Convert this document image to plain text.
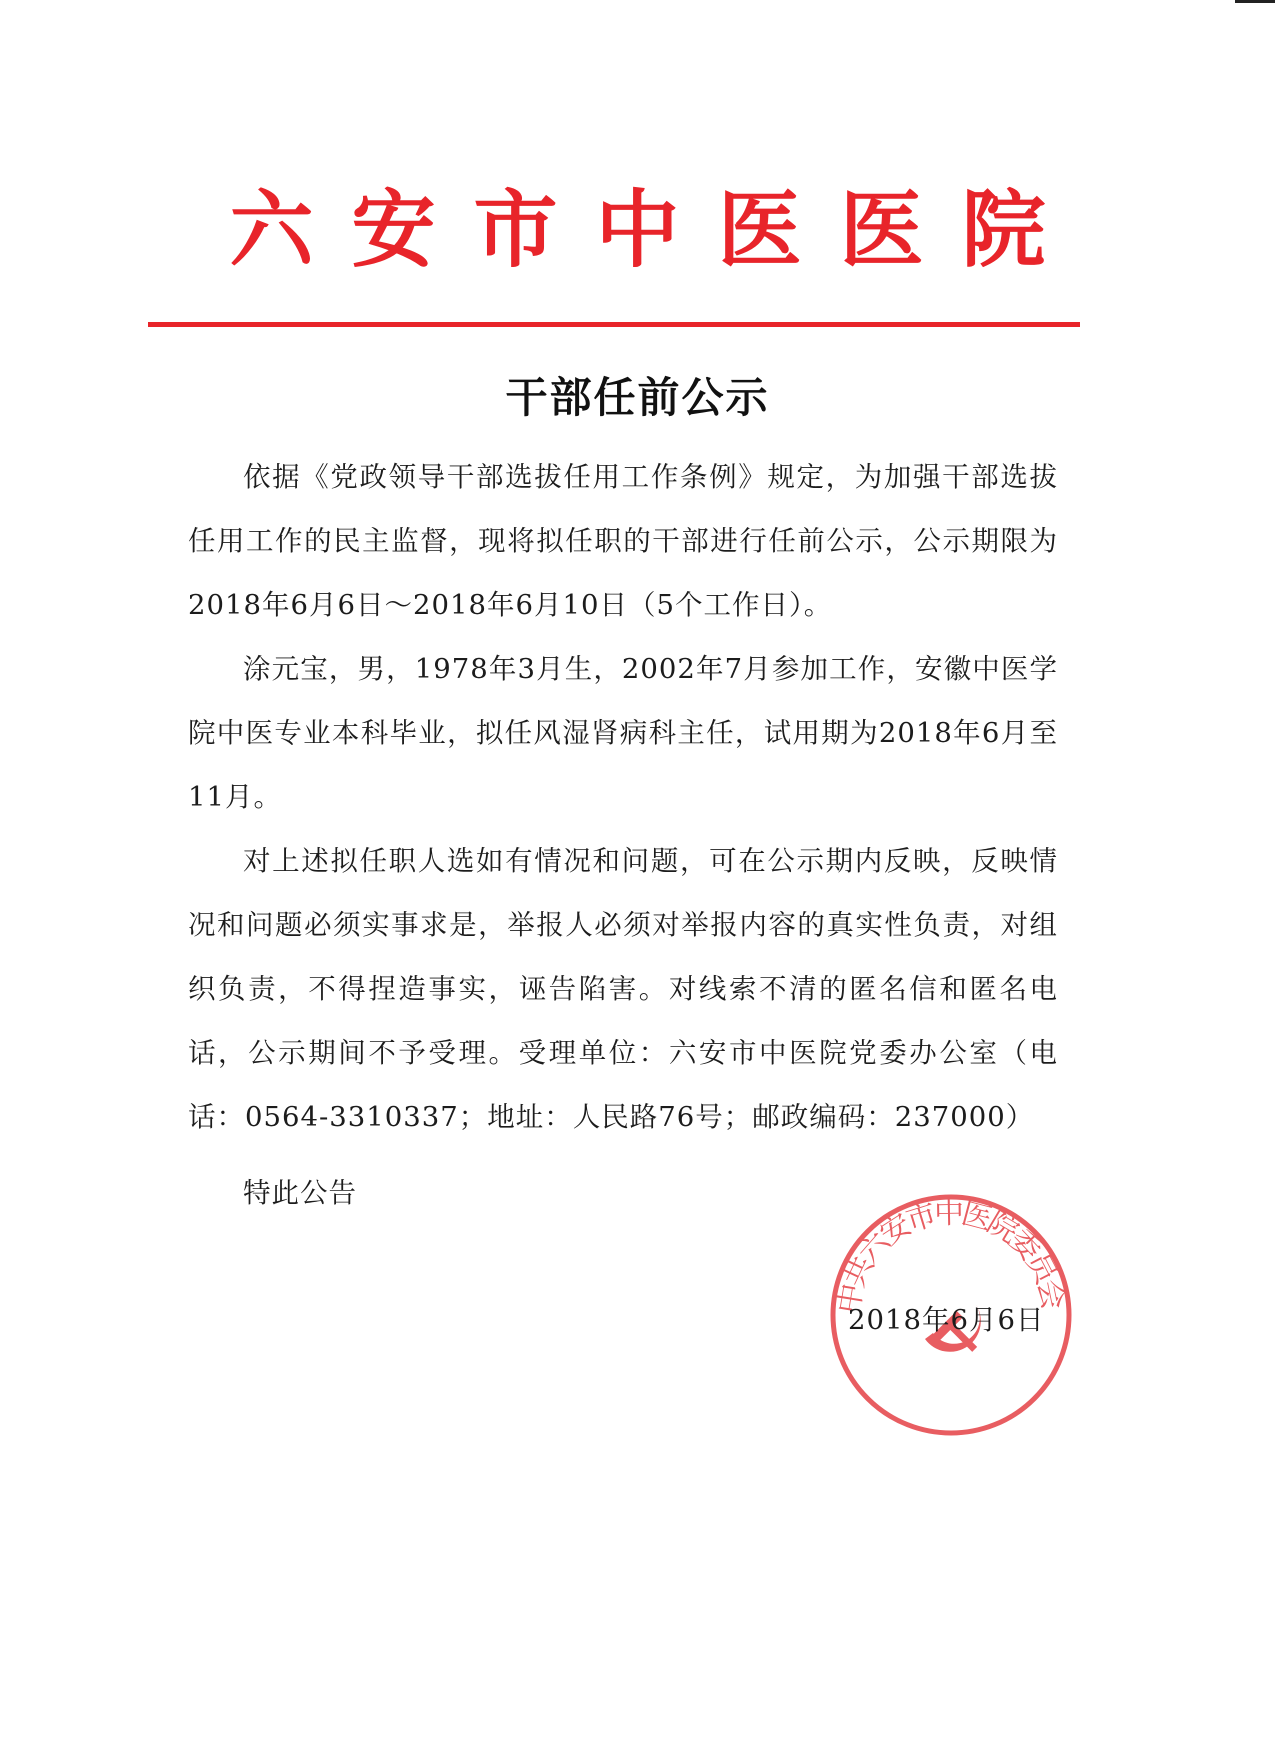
六安市中医医院
干部任前公示

依据《党政领导干部选拔任用工作条例》规定，为加强干部选拔任用工作的民主监督，现将拟任职的干部进行任前公示，公示期限为2018年6月6日～2018年6月10日（5个工作日）。

涂元宝，男，1978年3月生，2002年7月参加工作，安徽中医学院中医专业本科毕业，拟任风湿肾病科主任，试用期为2018年6月至11月。

对上述拟任职人选如有情况和问题，可在公示期内反映，反映情况和问题必须实事求是，举报人必须对举报内容的真实性负责，对组织负责，不得捏造事实，诬告陷害。对线索不清的匿名信和匿名电话，公示期间不予受理。受理单位：六安市中医院党委办公室（电话：0564-3310337；地址：人民路76号；邮政编码：237000）

特此公告
中共六安市中医院委员会
2018年6月6日
